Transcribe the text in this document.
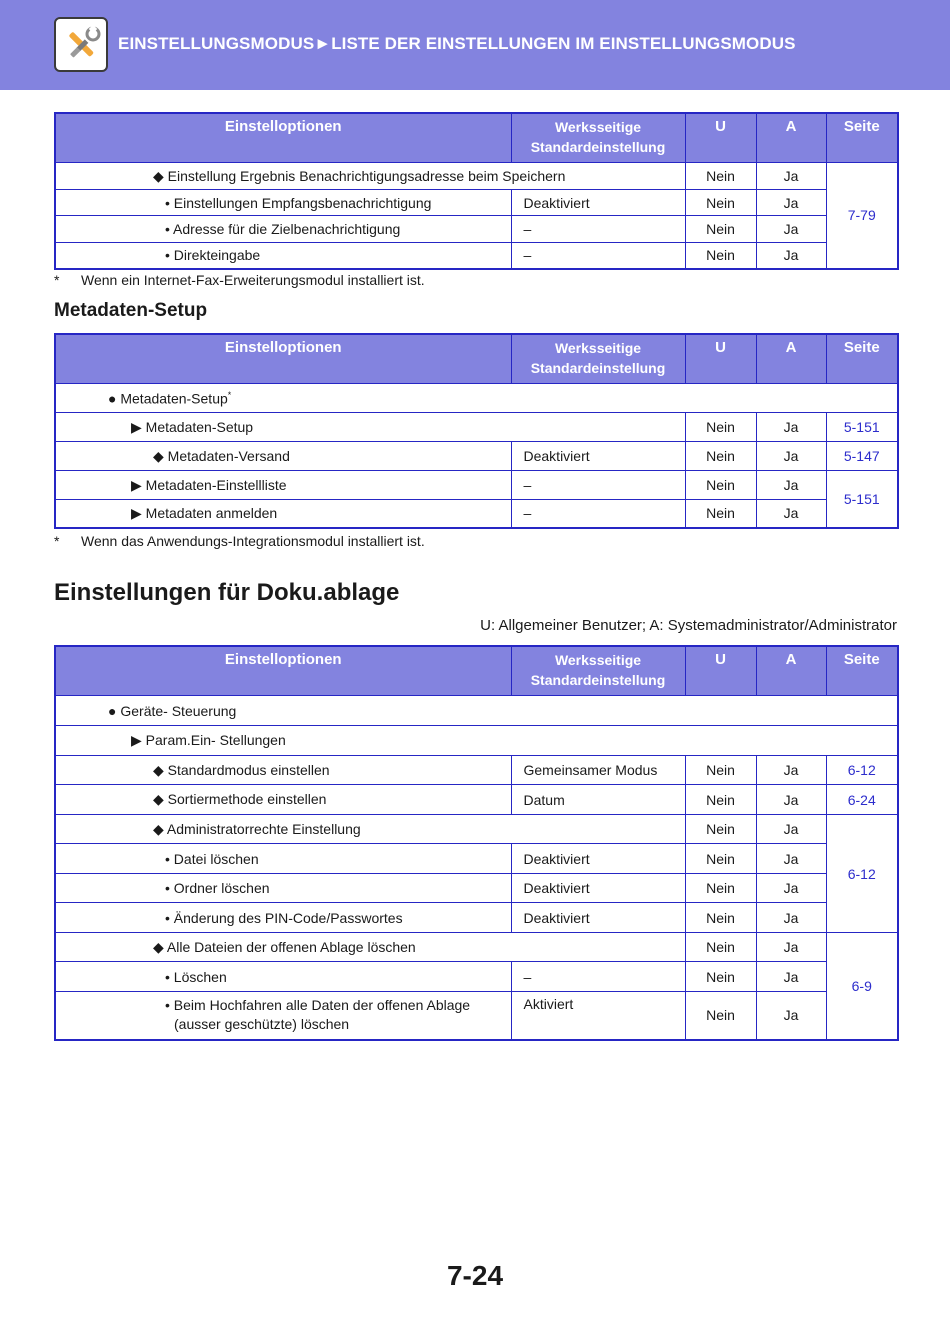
EINSTELLUNGSMODUS►LISTE DER EINSTELLUNGEN IM EINSTELLUNGSMODUS
Einstelloptionen	Werksseitige
Standardeinstellung	U	A	Seite
◆ Einstellung Ergebnis Benachrichtigungsadresse beim Speichern		Nein	Ja	7-79
• Einstellungen Empfangsbenachrichtigung	Deaktiviert	Nein	Ja	
• Adresse für die Zielbenachrichtigung	–	Nein	Ja	
• Direkteingabe	–	Nein	Ja	
* Wenn ein Internet-Fax-Erweiterungsmodul installiert ist.
Metadaten-Setup
Einstelloptionen	Werksseitige
Standardeinstellung	U	A	Seite
● Metadaten-Setup*
▶ Metadaten-Setup		Nein	Ja	5-151
◆ Metadaten-Versand	Deaktiviert	Nein	Ja	5-147
▶ Metadaten-Einstellliste	–	Nein	Ja	5-151
▶ Metadaten anmelden	–	Nein	Ja	
* Wenn das Anwendungs-Integrationsmodul installiert ist.
Einstellungen für Doku.ablage
U: Allgemeiner Benutzer; A: Systemadministrator/Administrator
Einstelloptionen	Werksseitige
Standardeinstellung	U	A	Seite
● Geräte- Steuerung				
▶ Param.Ein- Stellungen				
◆ Standardmodus einstellen	Gemeinsamer Modus	Nein	Ja	6-12
◆ Sortiermethode einstellen	Datum	Nein	Ja	6-24
◆ Administratorrechte Einstellung		Nein	Ja	6-12
• Datei löschen	Deaktiviert	Nein	Ja	
• Ordner löschen	Deaktiviert	Nein	Ja	
• Änderung des PIN-Code/Passwortes	Deaktiviert	Nein	Ja	
◆ Alle Dateien der offenen Ablage löschen		Nein	Ja	6-9
• Löschen	–	Nein	Ja	
• Beim Hochfahren alle Daten der offenen Ablage
(ausser geschützte) löschen	Aktiviert	Nein	Ja	
7-24
